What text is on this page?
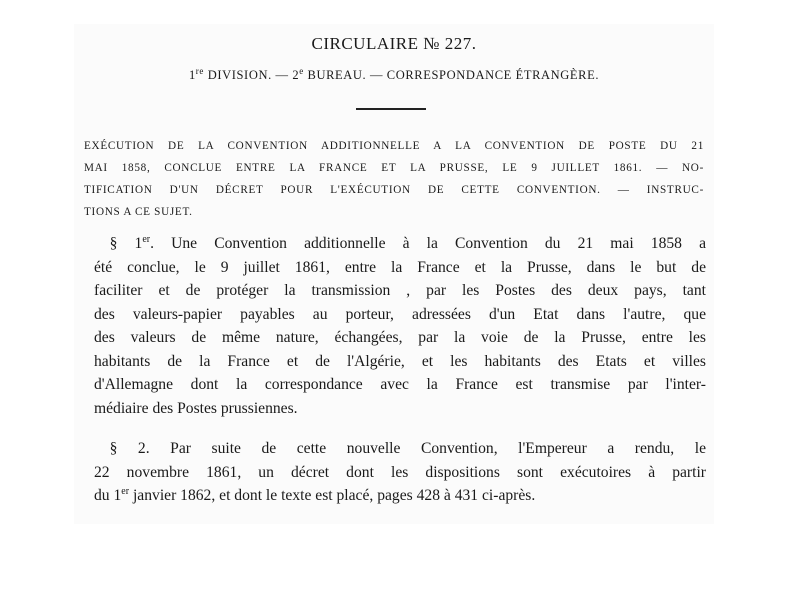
CIRCULAIRE № 227.
1re DIVISION. — 2e BUREAU. — CORRESPONDANCE ÉTRANGÈRE.
EXÉCUTION DE LA CONVENTION ADDITIONNELLE A LA CONVENTION DE POSTE DU 21
MAI 1858, CONCLUE ENTRE LA FRANCE ET LA PRUSSE, LE 9 JUILLET 1861. — NO-
TIFICATION D'UN DÉCRET POUR L'EXÉCUTION DE CETTE CONVENTION. — INSTRUC-
TIONS A CE SUJET.
 § 1er. Une Convention additionnelle à la Convention du 21 mai 1858 a
été conclue, le 9 juillet 1861, entre la France et la Prusse, dans le but de
faciliter et de protéger la transmission , par les Postes des deux pays, tant
des valeurs-papier payables au porteur, adressées d'un Etat dans l'autre, que
des valeurs de même nature, échangées, par la voie de la Prusse, entre les
habitants de la France et de l'Algérie, et les habitants des Etats et villes
d'Allemagne dont la correspondance avec la France est transmise par l'inter-
médiaire des Postes prussiennes.
 § 2. Par suite de cette nouvelle Convention, l'Empereur a rendu, le
22 novembre 1861, un décret dont les dispositions sont exécutoires à partir
du 1er janvier 1862, et dont le texte est placé, pages 428 à 431 ci-après.
